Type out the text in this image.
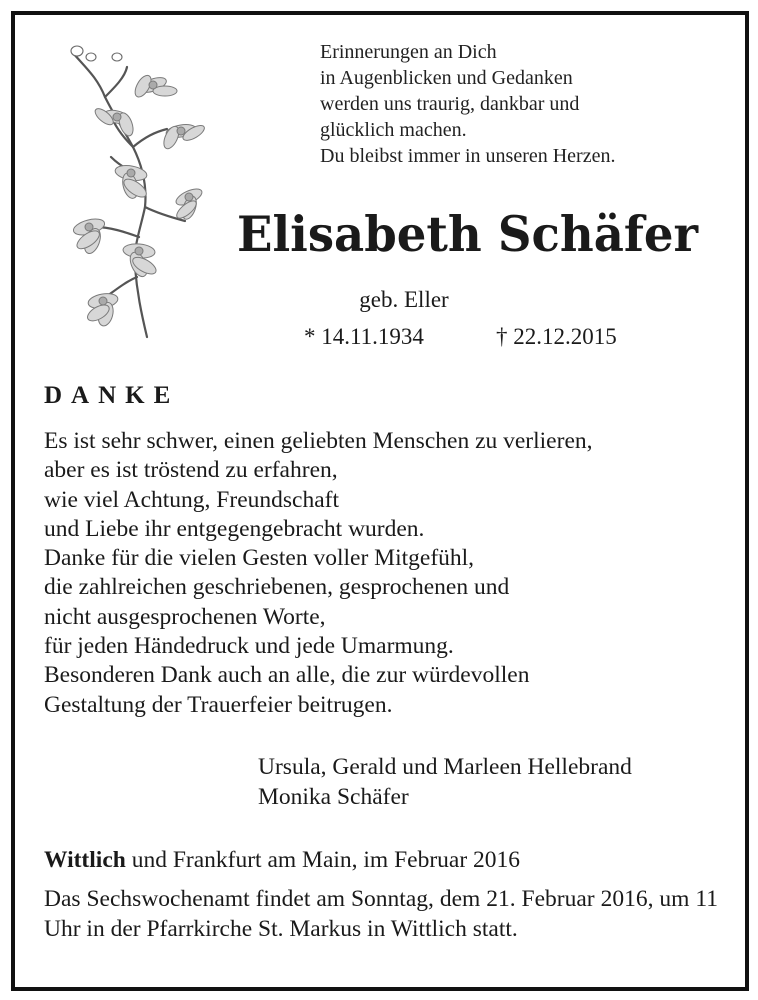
Erinnerungen an Dich
in Augenblicken und Gedanken
werden uns traurig, dankbar und
glücklich machen.
Du bleibst immer in unseren Herzen.
Elisabeth Schäfer
geb. Eller
* 14.11.1934	† 22.12.2015
DANKE
Es ist sehr schwer, einen geliebten Menschen zu verlieren,
aber es ist tröstend zu erfahren,
wie viel Achtung, Freundschaft
und Liebe ihr entgegengebracht wurden.
Danke für die vielen Gesten voller Mitgefühl,
die zahlreichen geschriebenen, gesprochenen und
nicht ausgesprochenen Worte,
für jeden Händedruck und jede Umarmung.
Besonderen Dank auch an alle, die zur würdevollen
Gestaltung der Trauerfeier beitrugen.
Ursula, Gerald und Marleen Hellebrand
Monika Schäfer
Wittlich und Frankfurt am Main, im Februar 2016
Das Sechswochenamt findet am Sonntag, dem 21. Februar 2016, um 11 Uhr in der Pfarrkirche St. Markus in Wittlich statt.
